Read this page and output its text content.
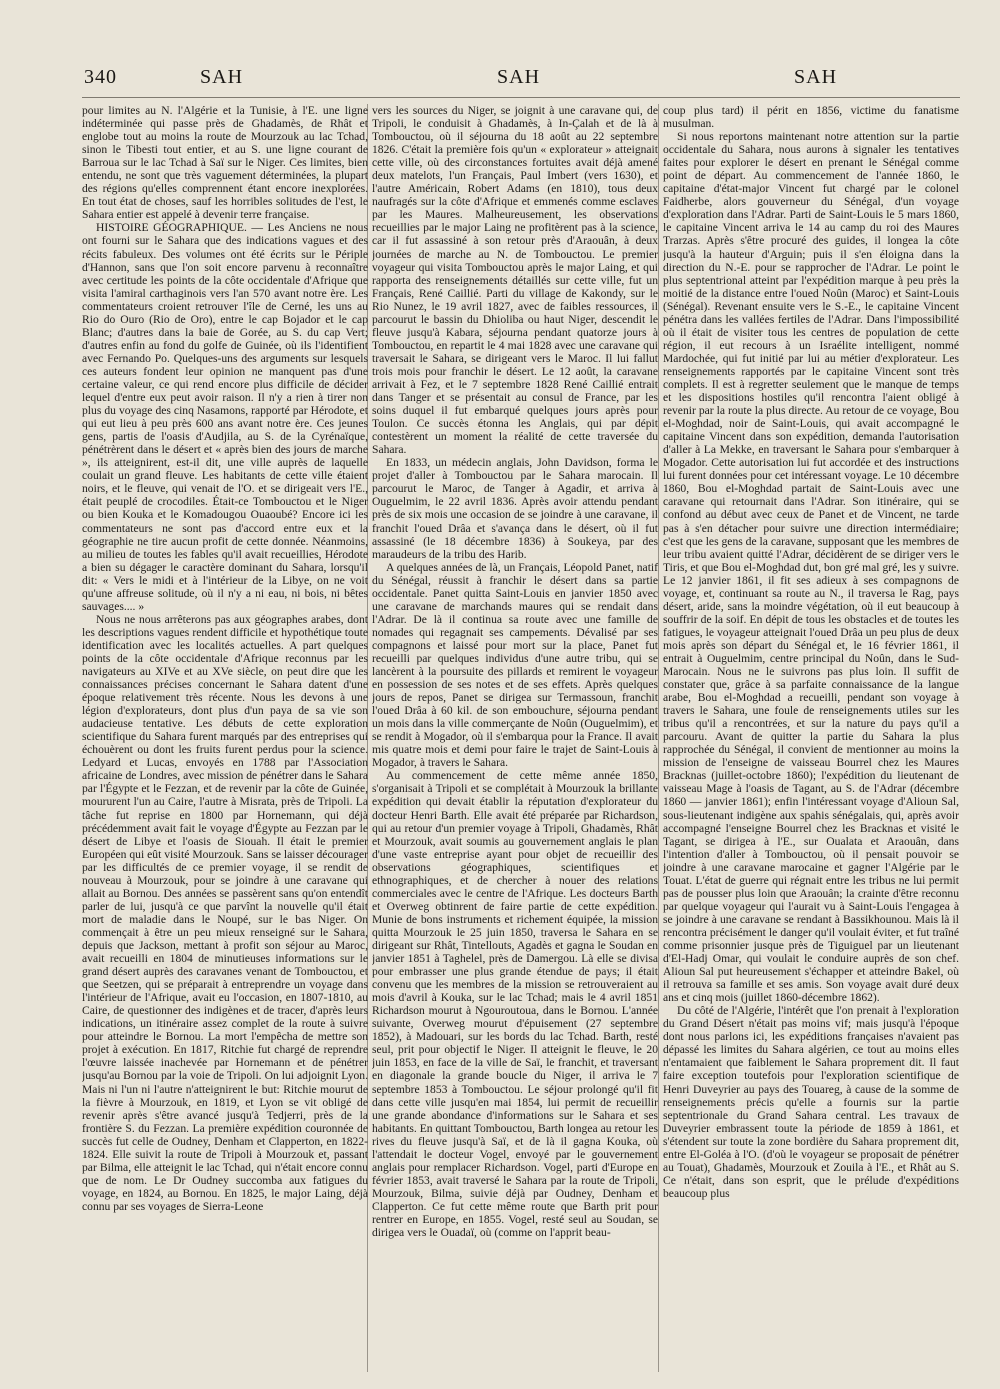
340	SAH	SAH	SAH

pour limites au N. l'Algérie et la Tunisie, à l'E. une ligne indéterminée qui passe près de Ghadamès, de Rhât et englobe tout au moins la route de Mourzouk au lac Tchad, sinon le Tibesti tout entier, et au S. une ligne courant de Barroua sur le lac Tchad à Saï sur le Niger. Ces limites, bien entendu, ne sont que très vaguement déterminées, la plupart des régions qu'elles comprennent étant encore inexplorées. En tout état de choses, sauf les horribles solitudes de l'est, le Sahara entier est appelé à devenir terre française.

HISTOIRE GÉOGRAPHIQUE. — Les Anciens ne nous ont fourni sur le Sahara que des indications vagues et des récits fabuleux. Des volumes ont été écrits sur le Périple d'Hannon, sans que l'on soit encore parvenu à reconnaître avec certitude les points de la côte occidentale d'Afrique que visita l'amiral carthaginois vers l'an 570 avant notre ère. Les commentateurs croient retrouver l'île de Cerné, les uns au Rio do Ouro (Rio de Oro), entre le cap Bojador et le cap Blanc; d'autres dans la baie de Gorée, au S. du cap Vert; d'autres enfin au fond du golfe de Guinée, où ils l'identifient avec Fernando Po. Quelques-uns des arguments sur lesquels ces auteurs fondent leur opinion ne manquent pas d'une certaine valeur, ce qui rend encore plus difficile de décider lequel d'entre eux peut avoir raison. Il n'y a rien à tirer non plus du voyage des cinq Nasamons, rapporté par Hérodote, et qui eut lieu à peu près 600 ans avant notre ère. Ces jeunes gens, partis de l'oasis d'Audjila, au S. de la Cyrénaïque, pénétrèrent dans le désert et « après bien des jours de marche », ils atteignirent, est-il dit, une ville auprès de laquelle coulait un grand fleuve. Les habitants de cette ville étaient noirs, et le fleuve, qui venait de l'O. et se dirigeait vers l'E., était peuplé de crocodiles. Était-ce Tombouctou et le Niger ou bien Kouka et le Komadougou Ouaoubé? Encore ici les commentateurs ne sont pas d'accord entre eux et la géographie ne tire aucun profit de cette donnée. Néanmoins, au milieu de toutes les fables qu'il avait recueillies, Hérodote a bien su dégager le caractère dominant du Sahara, lorsqu'il dit: « Vers le midi et à l'intérieur de la Libye, on ne voit qu'une affreuse solitude, où il n'y a ni eau, ni bois, ni bêtes sauvages.... »

Nous ne nous arrêterons pas aux géographes arabes, dont les descriptions vagues rendent difficile et hypothétique toute identification avec les localités actuelles. A part quelques points de la côte occidentale d'Afrique reconnus par les navigateurs au XIVe et au XVe siècle, on peut dire que les connaissances précises concernant le Sahara datent d'une époque relativement très récente. Nous les devons à une légion d'explorateurs, dont plus d'un paya de sa vie son audacieuse tentative. Les débuts de cette exploration scientifique du Sahara furent marqués par des entreprises qui échouèrent ou dont les fruits furent perdus pour la science. Ledyard et Lucas, envoyés en 1788 par l'Association africaine de Londres, avec mission de pénétrer dans le Sahara par l'Égypte et le Fezzan, et de revenir par la côte de Guinée, moururent l'un au Caire, l'autre à Misrata, près de Tripoli. La tâche fut reprise en 1800 par Hornemann, qui déjà précédemment avait fait le voyage d'Égypte au Fezzan par le désert de Libye et l'oasis de Siouah. Il était le premier Européen qui eût visité Mourzouk. Sans se laisser décourager par les difficultés de ce premier voyage, il se rendit de nouveau à Mourzouk, pour se joindre à une caravane qui allait au Bornou. Des années se passèrent sans qu'on entendît parler de lui, jusqu'à ce que parvînt la nouvelle qu'il était mort de maladie dans le Noupé, sur le bas Niger. On commençait à être un peu mieux renseigné sur le Sahara, depuis que Jackson, mettant à profit son séjour au Maroc, avait recueilli en 1804 de minutieuses informations sur le grand désert auprès des caravanes venant de Tombouctou, et que Seetzen, qui se préparait à entreprendre un voyage dans l'intérieur de l'Afrique, avait eu l'occasion, en 1807-1810, au Caire, de questionner des indigènes et de tracer, d'après leurs indications, un itinéraire assez complet de la route à suivre pour atteindre le Bornou. La mort l'empêcha de mettre son projet à exécution. En 1817, Ritchie fut chargé de reprendre l'œuvre laissée inachevée par Hornemann et de pénétrer jusqu'au Bornou par la voie de Tripoli. On lui adjoignit Lyon. Mais ni l'un ni l'autre n'atteignirent le but: Ritchie mourut de la fièvre à Mourzouk, en 1819, et Lyon se vit obligé de revenir après s'être avancé jusqu'à Tedjerri, près de la frontière S. du Fezzan. La première expédition couronnée de succès fut celle de Oudney, Denham et Clapperton, en 1822-1824. Elle suivit la route de Tripoli à Mourzouk et, passant par Bilma, elle atteignit le lac Tchad, qui n'était encore connu que de nom. Le Dr Oudney succomba aux fatigues du voyage, en 1824, au Bornou. En 1825, le major Laing, déjà connu par ses voyages de Sierra-Leone

vers les sources du Niger, se joignit à une caravane qui, de Tripoli, le conduisit à Ghadamès, à In-Çalah et de là à Tombouctou, où il séjourna du 18 août au 22 septembre 1826. C'était la première fois qu'un « explorateur » atteignait cette ville, où des circonstances fortuites avait déjà amené deux matelots, l'un Français, Paul Imbert (vers 1630), et l'autre Américain, Robert Adams (en 1810), tous deux naufragés sur la côte d'Afrique et emmenés comme esclaves par les Maures. Malheureusement, les observations recueillies par le major Laing ne profitèrent pas à la science, car il fut assassiné à son retour près d'Araouân, à deux journées de marche au N. de Tombouctou. Le premier voyageur qui visita Tombouctou après le major Laing, et qui rapporta des renseignements détaillés sur cette ville, fut un Français, René Caillié. Parti du village de Kakondy, sur le Rio Nunez, le 19 avril 1827, avec de faibles ressources, il parcourut le bassin du Dhioliba ou haut Niger, descendit le fleuve jusqu'à Kabara, séjourna pendant quatorze jours à Tombouctou, en repartit le 4 mai 1828 avec une caravane qui traversait le Sahara, se dirigeant vers le Maroc. Il lui fallut trois mois pour franchir le désert. Le 12 août, la caravane arrivait à Fez, et le 7 septembre 1828 René Caillié entrait dans Tanger et se présentait au consul de France, par les soins duquel il fut embarqué quelques jours après pour Toulon. Ce succès étonna les Anglais, qui par dépit contestèrent un moment la réalité de cette traversée du Sahara.

En 1833, un médecin anglais, John Davidson, forma le projet d'aller à Tombouctou par le Sahara marocain. Il parcourut le Maroc, de Tanger à Agadir, et arriva à Ouguelmim, le 22 avril 1836. Après avoir attendu pendant près de six mois une occasion de se joindre à une caravane, il franchit l'oued Drâa et s'avança dans le désert, où il fut assassiné (le 18 décembre 1836) à Soukeya, par des maraudeurs de la tribu des Harib.

A quelques années de là, un Français, Léopold Panet, natif du Sénégal, réussit à franchir le désert dans sa partie occidentale. Panet quitta Saint-Louis en janvier 1850 avec une caravane de marchands maures qui se rendait dans l'Adrar. De là il continua sa route avec une famille de nomades qui regagnait ses campements. Dévalisé par ses compagnons et laissé pour mort sur la place, Panet fut recueilli par quelques individus d'une autre tribu, qui se lancèrent à la poursuite des pillards et remirent le voyageur en possession de ses notes et de ses effets. Après quelques jours de repos, Panet se dirigea sur Termassoun, franchit l'oued Drâa à 60 kil. de son embouchure, séjourna pendant un mois dans la ville commerçante de Noûn (Ouguelmim), et se rendit à Mogador, où il s'embarqua pour la France. Il avait mis quatre mois et demi pour faire le trajet de Saint-Louis à Mogador, à travers le Sahara.

Au commencement de cette même année 1850, s'organisait à Tripoli et se complétait à Mourzouk la brillante expédition qui devait établir la réputation d'explorateur du docteur Henri Barth. Elle avait été préparée par Richardson, qui au retour d'un premier voyage à Tripoli, Ghadamès, Rhât et Mourzouk, avait soumis au gouvernement anglais le plan d'une vaste entreprise ayant pour objet de recueillir des observations géographiques, scientifiques et ethnographiques, et de chercher à nouer des relations commerciales avec le centre de l'Afrique. Les docteurs Barth et Overweg obtinrent de faire partie de cette expédition. Munie de bons instruments et richement équipée, la mission quitta Mourzouk le 25 juin 1850, traversa le Sahara en se dirigeant sur Rhât, Tintellouts, Agadès et gagna le Soudan en janvier 1851 à Taghelel, près de Damergou. Là elle se divisa pour embrasser une plus grande étendue de pays; il était convenu que les membres de la mission se retrouveraient au mois d'avril à Kouka, sur le lac Tchad; mais le 4 avril 1851 Richardson mourut à Ngouroutoua, dans le Bornou. L'année suivante, Overweg mourut d'épuisement (27 septembre 1852), à Madouari, sur les bords du lac Tchad. Barth, resté seul, prit pour objectif le Niger. Il atteignit le fleuve, le 20 juin 1853, en face de la ville de Saï, le franchit, et traversant en diagonale la grande boucle du Niger, il arriva le 7 septembre 1853 à Tombouctou. Le séjour prolongé qu'il fit dans cette ville jusqu'en mai 1854, lui permit de recueillir une grande abondance d'informations sur le Sahara et ses habitants. En quittant Tombouctou, Barth longea au retour les rives du fleuve jusqu'à Saï, et de là il gagna Kouka, où l'attendait le docteur Vogel, envoyé par le gouvernement anglais pour remplacer Richardson. Vogel, parti d'Europe en février 1853, avait traversé le Sahara par la route de Tripoli, Mourzouk, Bilma, suivie déjà par Oudney, Denham et Clapperton. Ce fut cette même route que Barth prit pour rentrer en Europe, en 1855. Vogel, resté seul au Soudan, se dirigea vers le Ouadaï, où (comme on l'apprit beau-

coup plus tard) il périt en 1856, victime du fanatisme musulman.

Si nous reportons maintenant notre attention sur la partie occidentale du Sahara, nous aurons à signaler les tentatives faites pour explorer le désert en prenant le Sénégal comme point de départ. Au commencement de l'année 1860, le capitaine d'état-major Vincent fut chargé par le colonel Faidherbe, alors gouverneur du Sénégal, d'un voyage d'exploration dans l'Adrar. Parti de Saint-Louis le 5 mars 1860, le capitaine Vincent arriva le 14 au camp du roi des Maures Trarzas. Après s'être procuré des guides, il longea la côte jusqu'à la hauteur d'Arguin; puis il s'en éloigna dans la direction du N.-E. pour se rapprocher de l'Adrar. Le point le plus septentrional atteint par l'expédition marque à peu près la moitié de la distance entre l'oued Noûn (Maroc) et Saint-Louis (Sénégal). Revenant ensuite vers le S.-E., le capitaine Vincent pénétra dans les vallées fertiles de l'Adrar. Dans l'impossibilité où il était de visiter tous les centres de population de cette région, il eut recours à un Israélite intelligent, nommé Mardochée, qui fut initié par lui au métier d'explorateur. Les renseignements rapportés par le capitaine Vincent sont très complets. Il est à regretter seulement que le manque de temps et les dispositions hostiles qu'il rencontra l'aient obligé à revenir par la route la plus directe. Au retour de ce voyage, Bou el-Moghdad, noir de Saint-Louis, qui avait accompagné le capitaine Vincent dans son expédition, demanda l'autorisation d'aller à La Mekke, en traversant le Sahara pour s'embarquer à Mogador. Cette autorisation lui fut accordée et des instructions lui furent données pour cet intéressant voyage. Le 10 décembre 1860, Bou el-Moghdad partait de Saint-Louis avec une caravane qui retournait dans l'Adrar. Son itinéraire, qui se confond au début avec ceux de Panet et de Vincent, ne tarde pas à s'en détacher pour suivre une direction intermédiaire; c'est que les gens de la caravane, supposant que les membres de leur tribu avaient quitté l'Adrar, décidèrent de se diriger vers le Tiris, et que Bou el-Moghdad dut, bon gré mal gré, les y suivre. Le 12 janvier 1861, il fit ses adieux à ses compagnons de voyage, et, continuant sa route au N., il traversa le Rag, pays désert, aride, sans la moindre végétation, où il eut beaucoup à souffrir de la soif. En dépit de tous les obstacles et de toutes les fatigues, le voyageur atteignait l'oued Drâa un peu plus de deux mois après son départ du Sénégal et, le 16 février 1861, il entrait à Ouguelmim, centre principal du Noûn, dans le Sud-Marocain. Nous ne le suivrons pas plus loin. Il suffit de constater que, grâce à sa parfaite connaissance de la langue arabe, Bou el-Moghdad a recueilli, pendant son voyage à travers le Sahara, une foule de renseignements utiles sur les tribus qu'il a rencontrées, et sur la nature du pays qu'il a parcouru. Avant de quitter la partie du Sahara la plus rapprochée du Sénégal, il convient de mentionner au moins la mission de l'enseigne de vaisseau Bourrel chez les Maures Bracknas (juillet-octobre 1860); l'expédition du lieutenant de vaisseau Mage à l'oasis de Tagant, au S. de l'Adrar (décembre 1860 — janvier 1861); enfin l'intéressant voyage d'Alioun Sal, sous-lieutenant indigène aux spahis sénégalais, qui, après avoir accompagné l'enseigne Bourrel chez les Bracknas et visité le Tagant, se dirigea à l'E., sur Oualata et Araouân, dans l'intention d'aller à Tombouctou, où il pensait pouvoir se joindre à une caravane marocaine et gagner l'Algérie par le Touat. L'état de guerre qui régnait entre les tribus ne lui permit pas de pousser plus loin que Araouân; la crainte d'être reconnu par quelque voyageur qui l'aurait vu à Saint-Louis l'engagea à se joindre à une caravane se rendant à Bassikhounou. Mais là il rencontra précisément le danger qu'il voulait éviter, et fut traîné comme prisonnier jusque près de Tiguiguel par un lieutenant d'El-Hadj Omar, qui voulait le conduire auprès de son chef. Alioun Sal put heureusement s'échapper et atteindre Bakel, où il retrouva sa famille et ses amis. Son voyage avait duré deux ans et cinq mois (juillet 1860-décembre 1862).

Du côté de l'Algérie, l'intérêt que l'on prenait à l'exploration du Grand Désert n'était pas moins vif; mais jusqu'à l'époque dont nous parlons ici, les expéditions françaises n'avaient pas dépassé les limites du Sahara algérien, ce tout au moins elles n'entamaient que faiblement le Sahara proprement dit. Il faut faire exception toutefois pour l'exploration scientifique de Henri Duveyrier au pays des Touareg, à cause de la somme de renseignements précis qu'elle a fournis sur la partie septentrionale du Grand Sahara central. Les travaux de Duveyrier embrassent toute la période de 1859 à 1861, et s'étendent sur toute la zone bordière du Sahara proprement dit, entre El-Goléa à l'O. (d'où le voyageur se proposait de pénétrer au Touat), Ghadamès, Mourzouk et Zouila à l'E., et Rhât au S. Ce n'était, dans son esprit, que le prélude d'expéditions beaucoup plus
